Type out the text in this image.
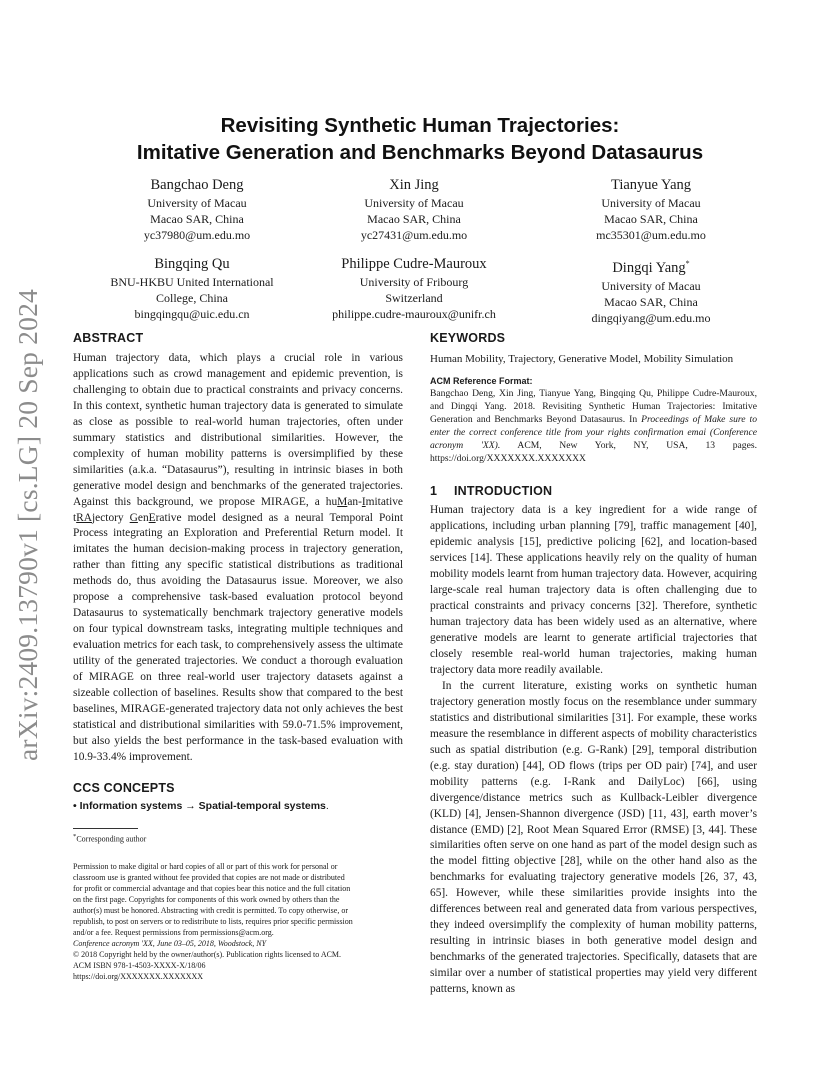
arXiv:2409.13790v1 [cs.LG] 20 Sep 2024
Revisiting Synthetic Human Trajectories:
Imitative Generation and Benchmarks Beyond Datasaurus
Bangchao Deng
University of Macau
Macao SAR, China
yc37980@um.edu.mo
Xin Jing
University of Macau
Macao SAR, China
yc27431@um.edu.mo
Tianyue Yang
University of Macau
Macao SAR, China
mc35301@um.edu.mo
Bingqing Qu
BNU-HKBU United International
College, China
bingqingqu@uic.edu.cn
Philippe Cudre-Mauroux
University of Fribourg
Switzerland
philippe.cudre-mauroux@unifr.ch
Dingqi Yang*
University of Macau
Macao SAR, China
dingqiyang@um.edu.mo
ABSTRACT

Human trajectory data, which plays a crucial role in various applications such as crowd management and epidemic prevention, is challenging to obtain due to practical constraints and privacy concerns. In this context, synthetic human trajectory data is generated to simulate as close as possible to real-world human trajectories, often under summary statistics and distributional similarities. However, the complexity of human mobility patterns is oversimplified by these similarities (a.k.a. “Datasaurus”), resulting in intrinsic biases in both generative model design and benchmarks of the generated trajectories. Against this background, we propose MIRAGE, a huMan-Imitative tRAjectory GenErative model designed as a neural Temporal Point Process integrating an Exploration and Preferential Return model. It imitates the human decision-making process in trajectory generation, rather than fitting any specific statistical distributions as traditional methods do, thus avoiding the Datasaurus issue. Moreover, we also propose a comprehensive task-based evaluation protocol beyond Datasaurus to systematically benchmark trajectory generative models on four typical downstream tasks, integrating multiple techniques and evaluation metrics for each task, to comprehensively assess the ultimate utility of the generated trajectories. We conduct a thorough evaluation of MIRAGE on three real-world user trajectory datasets against a sizeable collection of baselines. Results show that compared to the best baselines, MIRAGE-generated trajectory data not only achieves the best statistical and distributional similarities with 59.0-71.5% improvement, but also yields the best performance in the task-based evaluation with 10.9-33.4% improvement.

CCS CONCEPTS

• Information systems → Spatial-temporal systems.

*Corresponding author
Permission to make digital or hard copies of all or part of this work for personal or
classroom use is granted without fee provided that copies are not made or distributed
for profit or commercial advantage and that copies bear this notice and the full citation
on the first page. Copyrights for components of this work owned by others than the
author(s) must be honored. Abstracting with credit is permitted. To copy otherwise, or
republish, to post on servers or to redistribute to lists, requires prior specific permission
and/or a fee. Request permissions from permissions@acm.org.
Conference acronym 'XX, June 03–05, 2018, Woodstock, NY
© 2018 Copyright held by the owner/author(s). Publication rights licensed to ACM.
ACM ISBN 978-1-4503-XXXX-X/18/06
https://doi.org/XXXXXXX.XXXXXXX
KEYWORDS

Human Mobility, Trajectory, Generative Model, Mobility Simulation

ACM Reference Format:

Bangchao Deng, Xin Jing, Tianyue Yang, Bingqing Qu, Philippe Cudre-Mauroux, and Dingqi Yang. 2018. Revisiting Synthetic Human Trajectories: Imitative Generation and Benchmarks Beyond Datasaurus. In Proceedings of Make sure to enter the correct conference title from your rights confirmation emai (Conference acronym 'XX). ACM, New York, NY, USA, 13 pages. https://doi.org/XXXXXXX.XXXXXXX

1 INTRODUCTION

Human trajectory data is a key ingredient for a wide range of applications, including urban planning [79], traffic management [40], epidemic analysis [15], predictive policing [62], and location-based services [14]. These applications heavily rely on the quality of human mobility models learnt from human trajectory data. However, acquiring large-scale real human trajectory data is often challenging due to practical constraints and privacy concerns [32]. Therefore, synthetic human trajectory data has been widely used as an alternative, where generative models are learnt to generate artificial trajectories that closely resemble real-world human trajectories, making human trajectory data more readily available.

In the current literature, existing works on synthetic human trajectory generation mostly focus on the resemblance under summary statistics and distributional similarities [31]. For example, these works measure the resemblance in different aspects of mobility characteristics such as spatial distribution (e.g. G-Rank) [29], temporal distribution (e.g. stay duration) [44], OD flows (trips per OD pair) [74], and user mobility patterns (e.g. I-Rank and DailyLoc) [66], using divergence/distance metrics such as Kullback-Leibler divergence (KLD) [4], Jensen-Shannon divergence (JSD) [11, 43], earth mover’s distance (EMD) [2], Root Mean Squared Error (RMSE) [3, 44]. These similarities often serve on one hand as part of the model design such as the model fitting objective [28], while on the other hand also as the benchmarks for evaluating trajectory generative models [26, 37, 43, 65]. However, while these similarities provide insights into the differences between real and generated data from various perspectives, they indeed oversimplify the complexity of human mobility patterns, resulting in intrinsic biases in both generative model design and benchmarks of the generated trajectories. Specifically, datasets that are similar over a number of statistical properties may yield very different patterns, known as
